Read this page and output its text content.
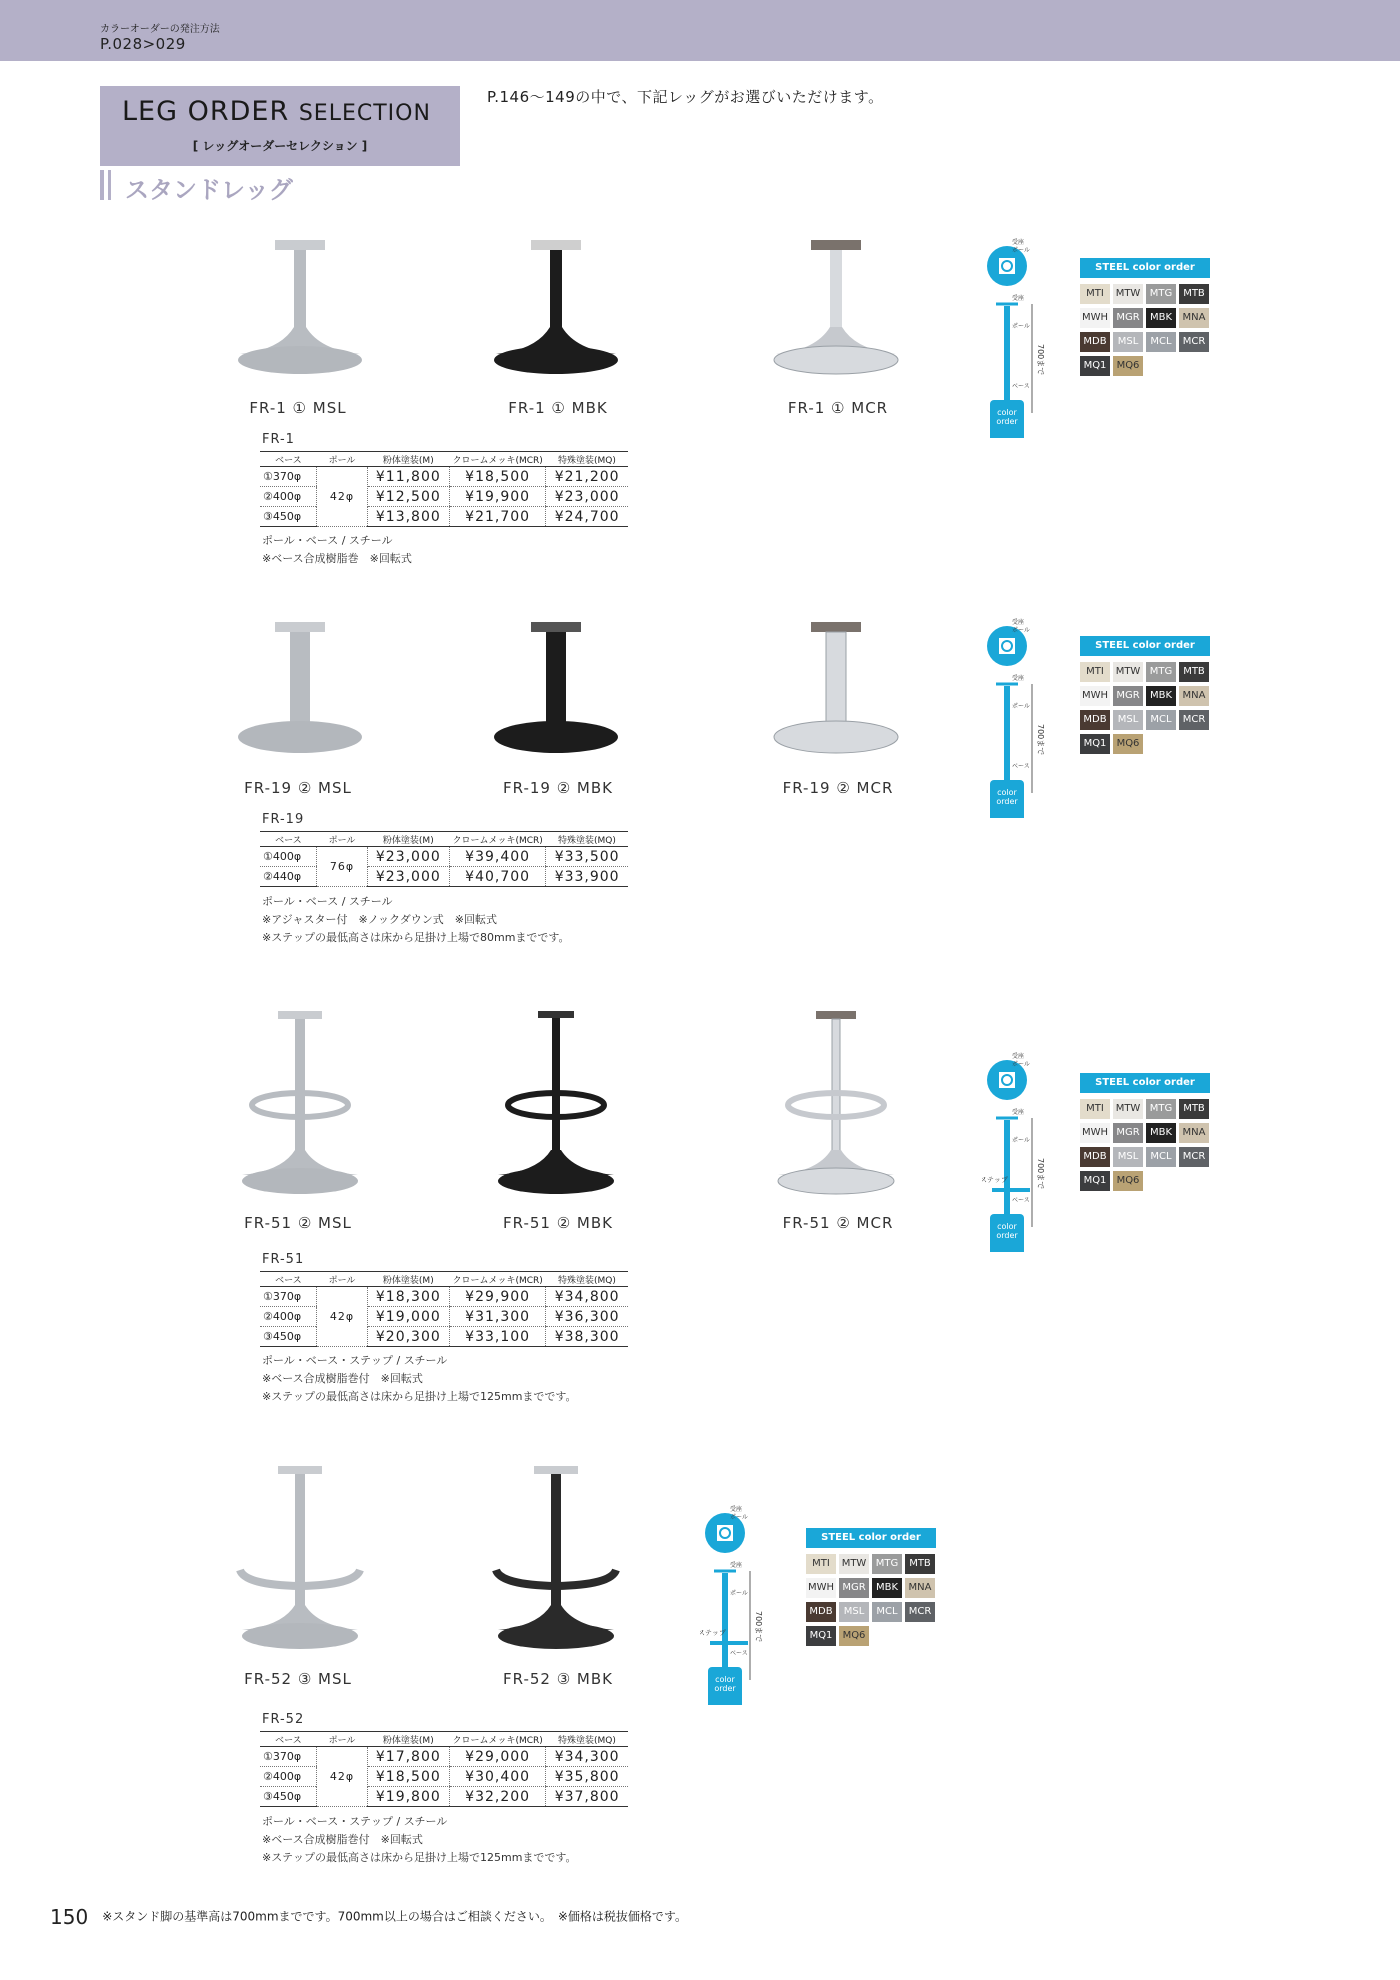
カラーオーダーの発注方法
P.028>029
LEG ORDER SELECTION
[ レッグオーダーセレクション ]
P.146〜149の中で、下記レッグがお選びいただけます。
スタンドレッグ
FR-1 ① MSL	FR-1 ① MBK	FR-1 ① MCR
FR-1
ベース	ポール	粉体塗装(M)	クロームメッキ(MCR)	特殊塗装(MQ)
①370φ	42φ	¥11,800	¥18,500	¥21,200
②400φ		¥12,500	¥19,900	¥23,000
③450φ		¥13,800	¥21,700	¥24,700
ポール・ベース / スチール
※ベース合成樹脂巻　※回転式
FR-19 ② MSL	FR-19 ② MBK	FR-19 ② MCR
FR-19
ベース	ポール	粉体塗装(M)	クロームメッキ(MCR)	特殊塗装(MQ)
①400φ	76φ	¥23,000	¥39,400	¥33,500
②440φ		¥23,000	¥40,700	¥33,900
ポール・ベース / スチール
※アジャスター付　※ノックダウン式　※回転式
※ステップの最低高さは床から足掛け上場で80mmまでです。
FR-51 ② MSL	FR-51 ② MBK	FR-51 ② MCR
FR-51
ベース	ポール	粉体塗装(M)	クロームメッキ(MCR)	特殊塗装(MQ)
①370φ	42φ	¥18,300	¥29,900	¥34,800
②400φ		¥19,000	¥31,300	¥36,300
③450φ		¥20,300	¥33,100	¥38,300
ポール・ベース・ステップ / スチール
※ベース合成樹脂巻付　※回転式
※ステップの最低高さは床から足掛け上場で125mmまでです。
FR-52 ③ MSL	FR-52 ③ MBK
FR-52
ベース	ポール	粉体塗装(M)	クロームメッキ(MCR)	特殊塗装(MQ)
①370φ	42φ	¥17,800	¥29,000	¥34,300
②400φ		¥18,500	¥30,400	¥35,800
③450φ		¥19,800	¥32,200	¥37,800
ポール・ベース・ステップ / スチール
※ベース合成樹脂巻付　※回転式
※ステップの最低高さは床から足掛け上場で125mmまでです。
受座
ポール
受座
ポール
ベース
700まで
color
order
STEEL color order
MTI	MTW MTG	MTB
MWH MGR	MBK	MNA
MDB	MSL	MCL	MCR
MQ1	MQ6
受座
ポール
受座
ポール
ベース
700まで
color
order
STEEL color order
MTI	MTW MTG	MTB
MWH MGR	MBK	MNA
MDB	MSL	MCL	MCR
MQ1	MQ6
受座
ポール
ステップ
受座
ポール
ベース
700まで
color
order
STEEL color order
MTI	MTW MTG	MTB
MWH MGR	MBK	MNA
MDB	MSL	MCL	MCR
MQ1	MQ6
受座
ポール
ステップ
受座
ポール
ベース
700まで
color
order
STEEL color order
MTI	MTW MTG	MTB
MWH MGR	MBK	MNA
MDB	MSL	MCL	MCR
MQ1	MQ6
150 ※スタンド脚の基準高は700mmまでです。700mm以上の場合はご相談ください。　※価格は税抜価格です。
